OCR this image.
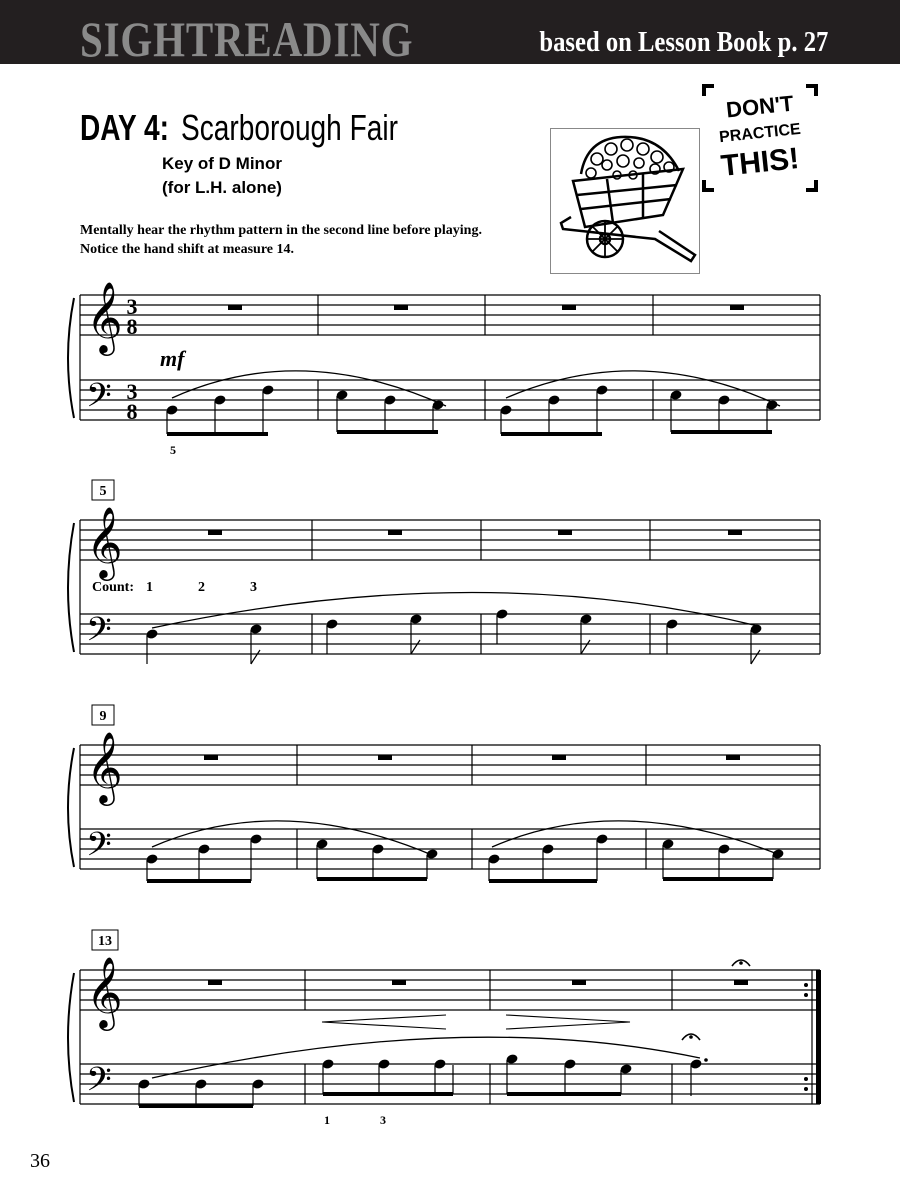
SIGHTREADING	based on Lesson Book p. 27
DAY 4: Scarborough Fair
Key of D Minor
(for L.H. alone)
Mentally hear the rhythm pattern in the second line before playing.
Notice the hand shift at measure 14.
DON'T
PRACTICE
THIS!
𝄞
𝄢
3
8
3
8
mf
5
5
𝄞
𝄢
Count: 1	2	3
9
𝄞
𝄢
13
𝄞
𝄢
1	3
36
